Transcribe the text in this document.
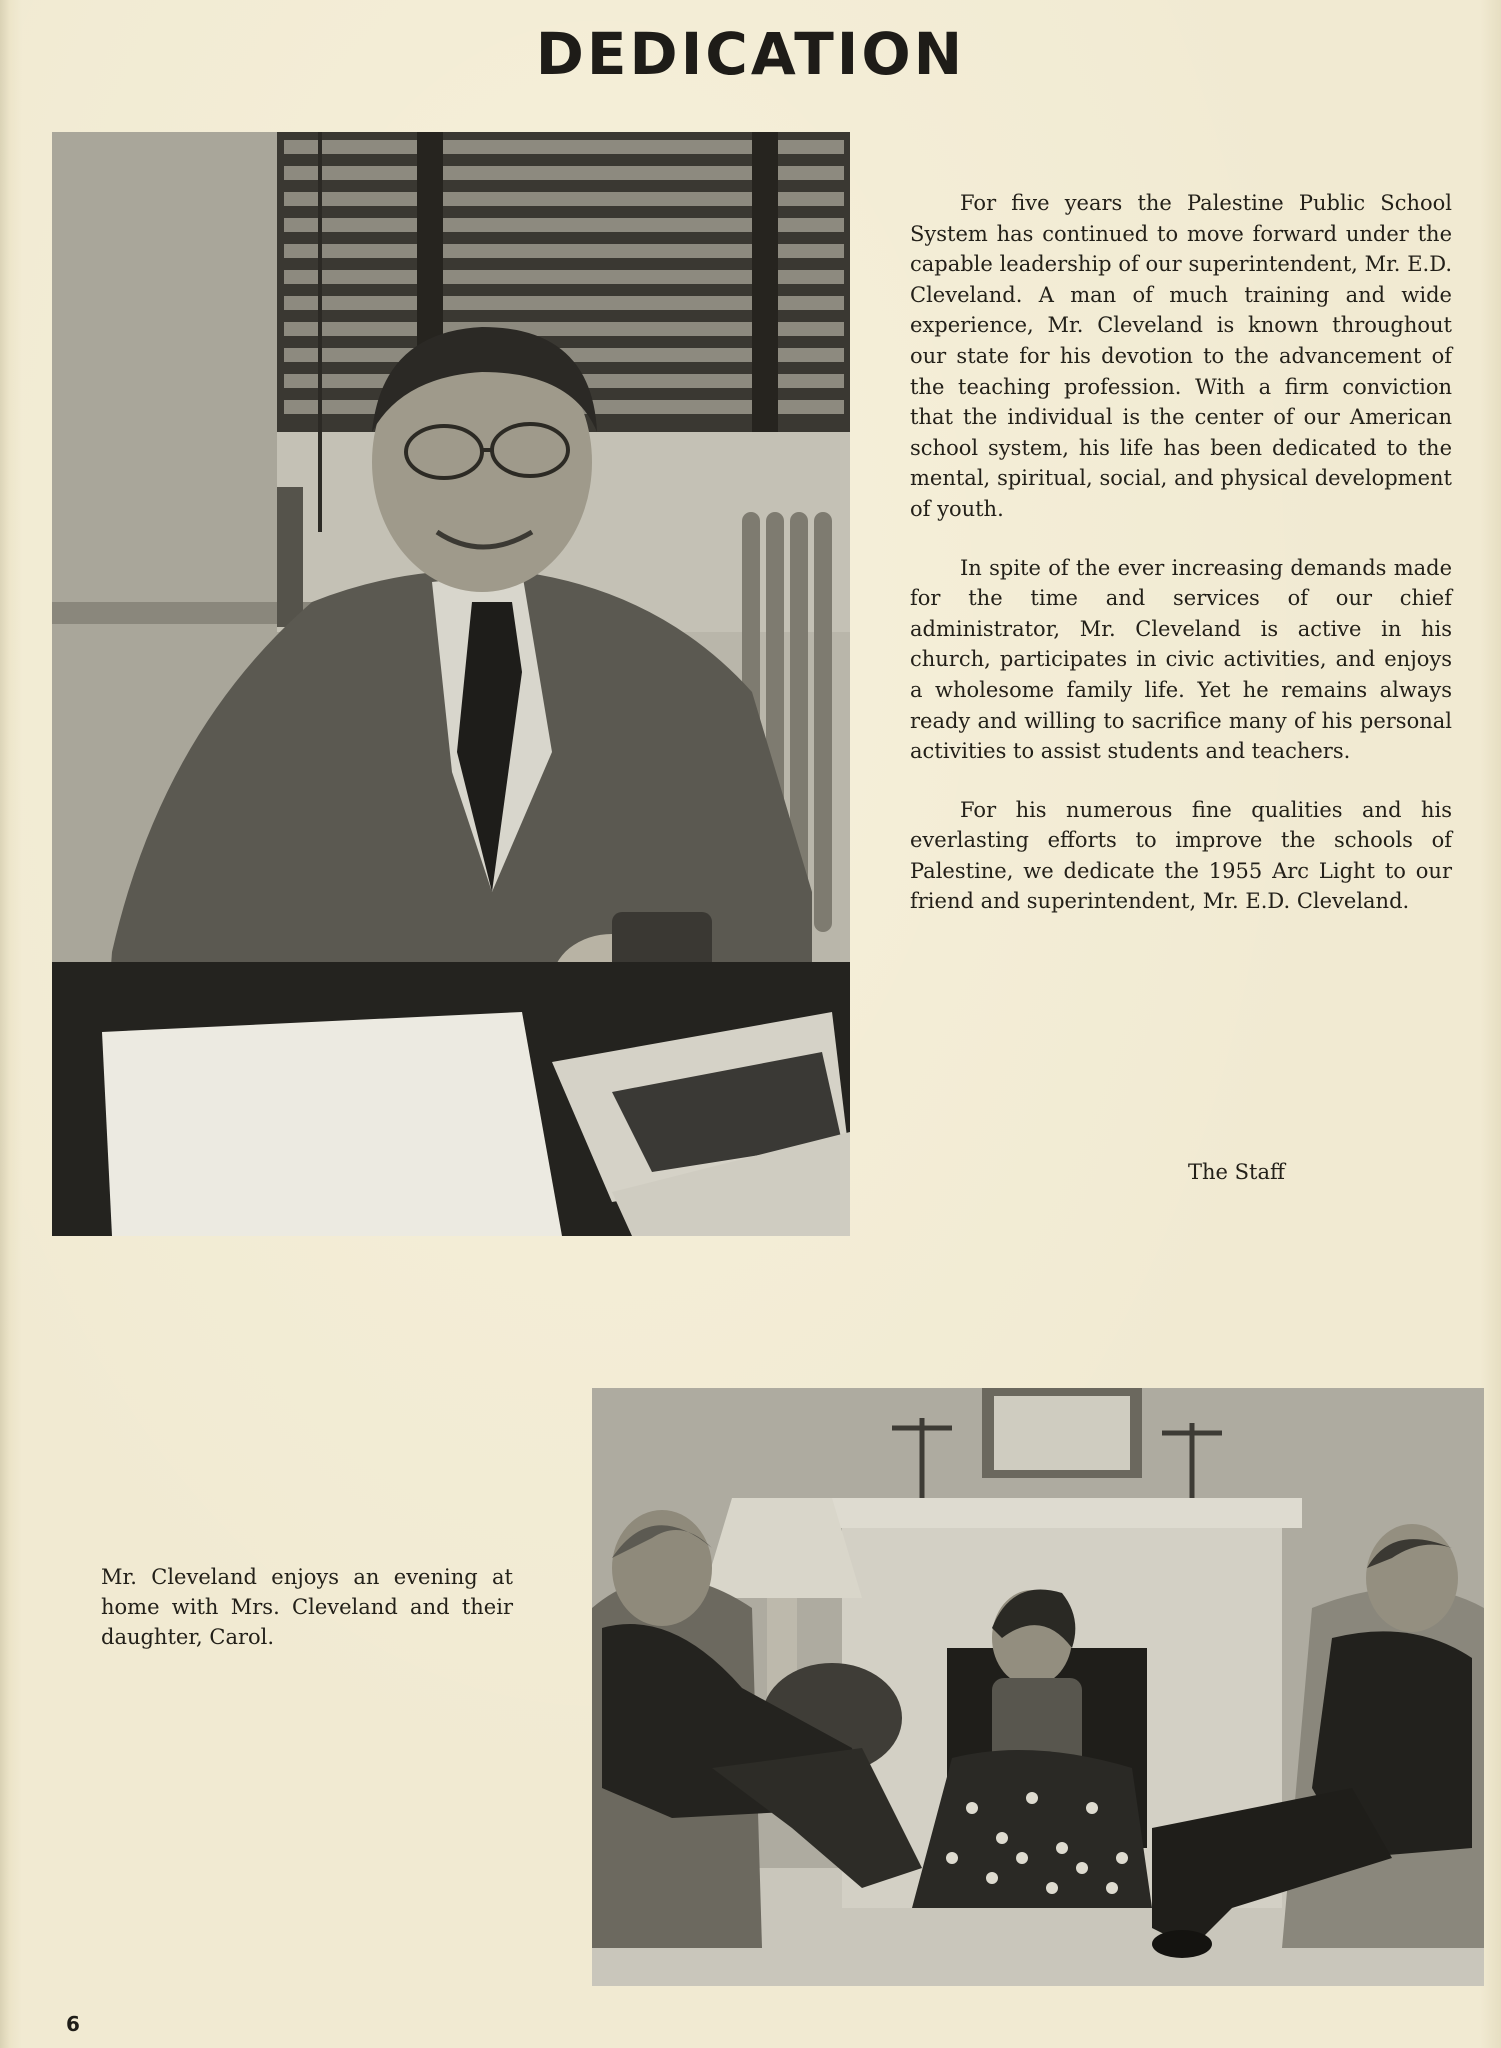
DEDICATION

For five years the Palestine Public School System has continued to move forward under the capable leadership of our superintendent, Mr. E.D. Cleveland. A man of much training and wide experience, Mr. Cleveland is known throughout our state for his devotion to the advancement of the teaching profession. With a firm conviction that the individual is the center of our American school system, his life has been dedicated to the mental, spiritual, social, and physical development of youth.

In spite of the ever increasing demands made for the time and services of our chief administrator, Mr. Cleveland is active in his church, participates in civic activities, and enjoys a wholesome family life. Yet he remains always ready and willing to sacrifice many of his personal activities to assist students and teachers.

For his numerous fine qualities and his everlasting efforts to improve the schools of Palestine, we dedicate the 1955 Arc Light to our friend and superintendent, Mr. E.D. Cleveland.

The Staff
Mr. Cleveland enjoys an evening at home with Mrs. Cleveland and their daughter, Carol.
6
